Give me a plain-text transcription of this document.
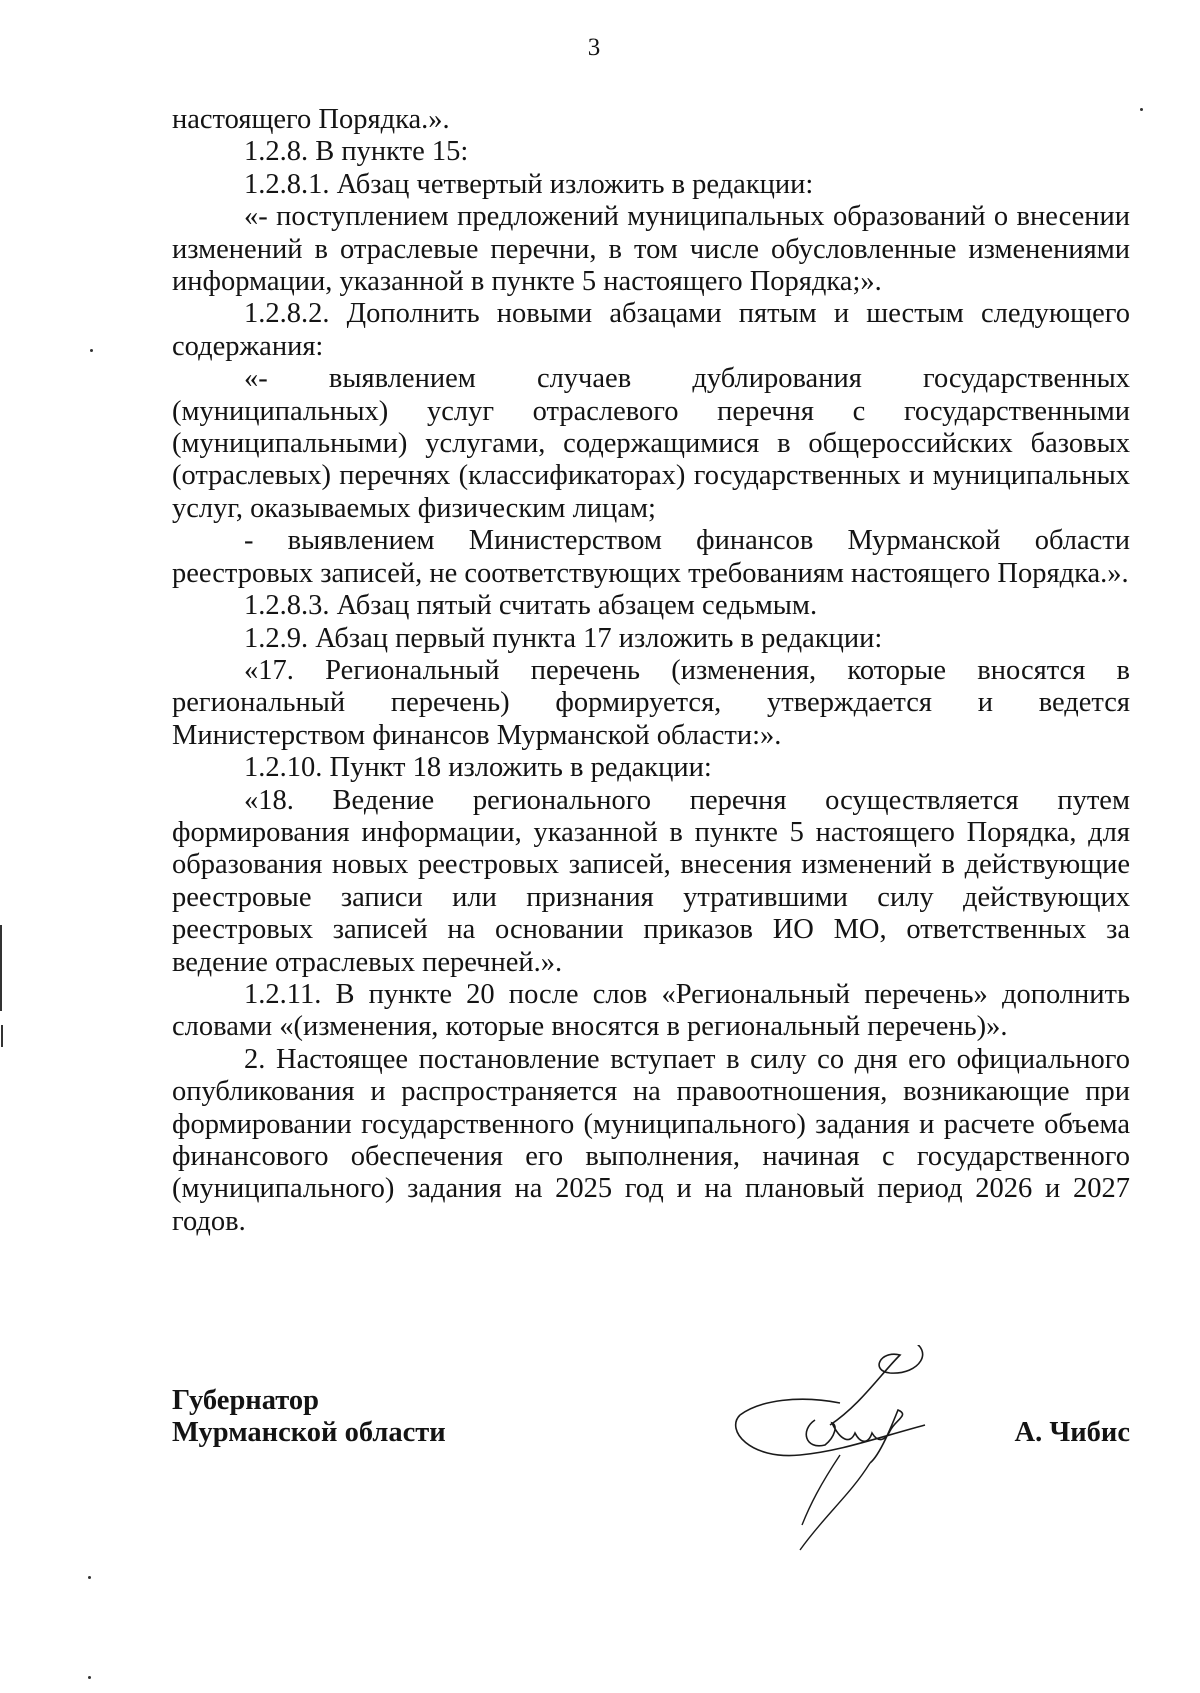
3

настоящего Порядка.».

1.2.8. В пункте 15:

1.2.8.1. Абзац четвертый изложить в редакции:

«- поступлением предложений муниципальных образований о внесении изменений в отраслевые перечни, в том числе обусловленные изменениями информации, указанной в пункте 5 настоящего Порядка;».

1.2.8.2. Дополнить новыми абзацами пятым и шестым следующего содержания:

«- выявлением случаев дублирования государственных (муниципальных) услуг отраслевого перечня с государственными (муниципальными) услугами, содержащимися в общероссийских базовых (отраслевых) перечнях (классификаторах) государственных и муниципальных услуг, оказываемых физическим лицам;

- выявлением Министерством финансов Мурманской области реестровых записей, не соответствующих требованиям настоящего Порядка.».

1.2.8.3. Абзац пятый считать абзацем седьмым.

1.2.9. Абзац первый пункта 17 изложить в редакции:

«17. Региональный перечень (изменения, которые вносятся в региональный перечень) формируется, утверждается и ведется Министерством финансов Мурманской области:».

1.2.10. Пункт 18 изложить в редакции:

«18. Ведение регионального перечня осуществляется путем формирования информации, указанной в пункте 5 настоящего Порядка, для образования новых реестровых записей, внесения изменений в действующие реестровые записи или признания утратившими силу действующих реестровых записей на основании приказов ИО МО, ответственных за ведение отраслевых перечней.».

1.2.11. В пункте 20 после слов «Региональный перечень» дополнить словами «(изменения, которые вносятся в региональный перечень)».

2. Настоящее постановление вступает в силу со дня его официального опубликования и распространяется на правоотношения, возникающие при формировании государственного (муниципального) задания и расчете объема финансового обеспечения его выполнения, начиная с государственного (муниципального) задания на 2025 год и на плановый период 2026 и 2027 годов.

Губернатор
Мурманской области	А. Чибис
